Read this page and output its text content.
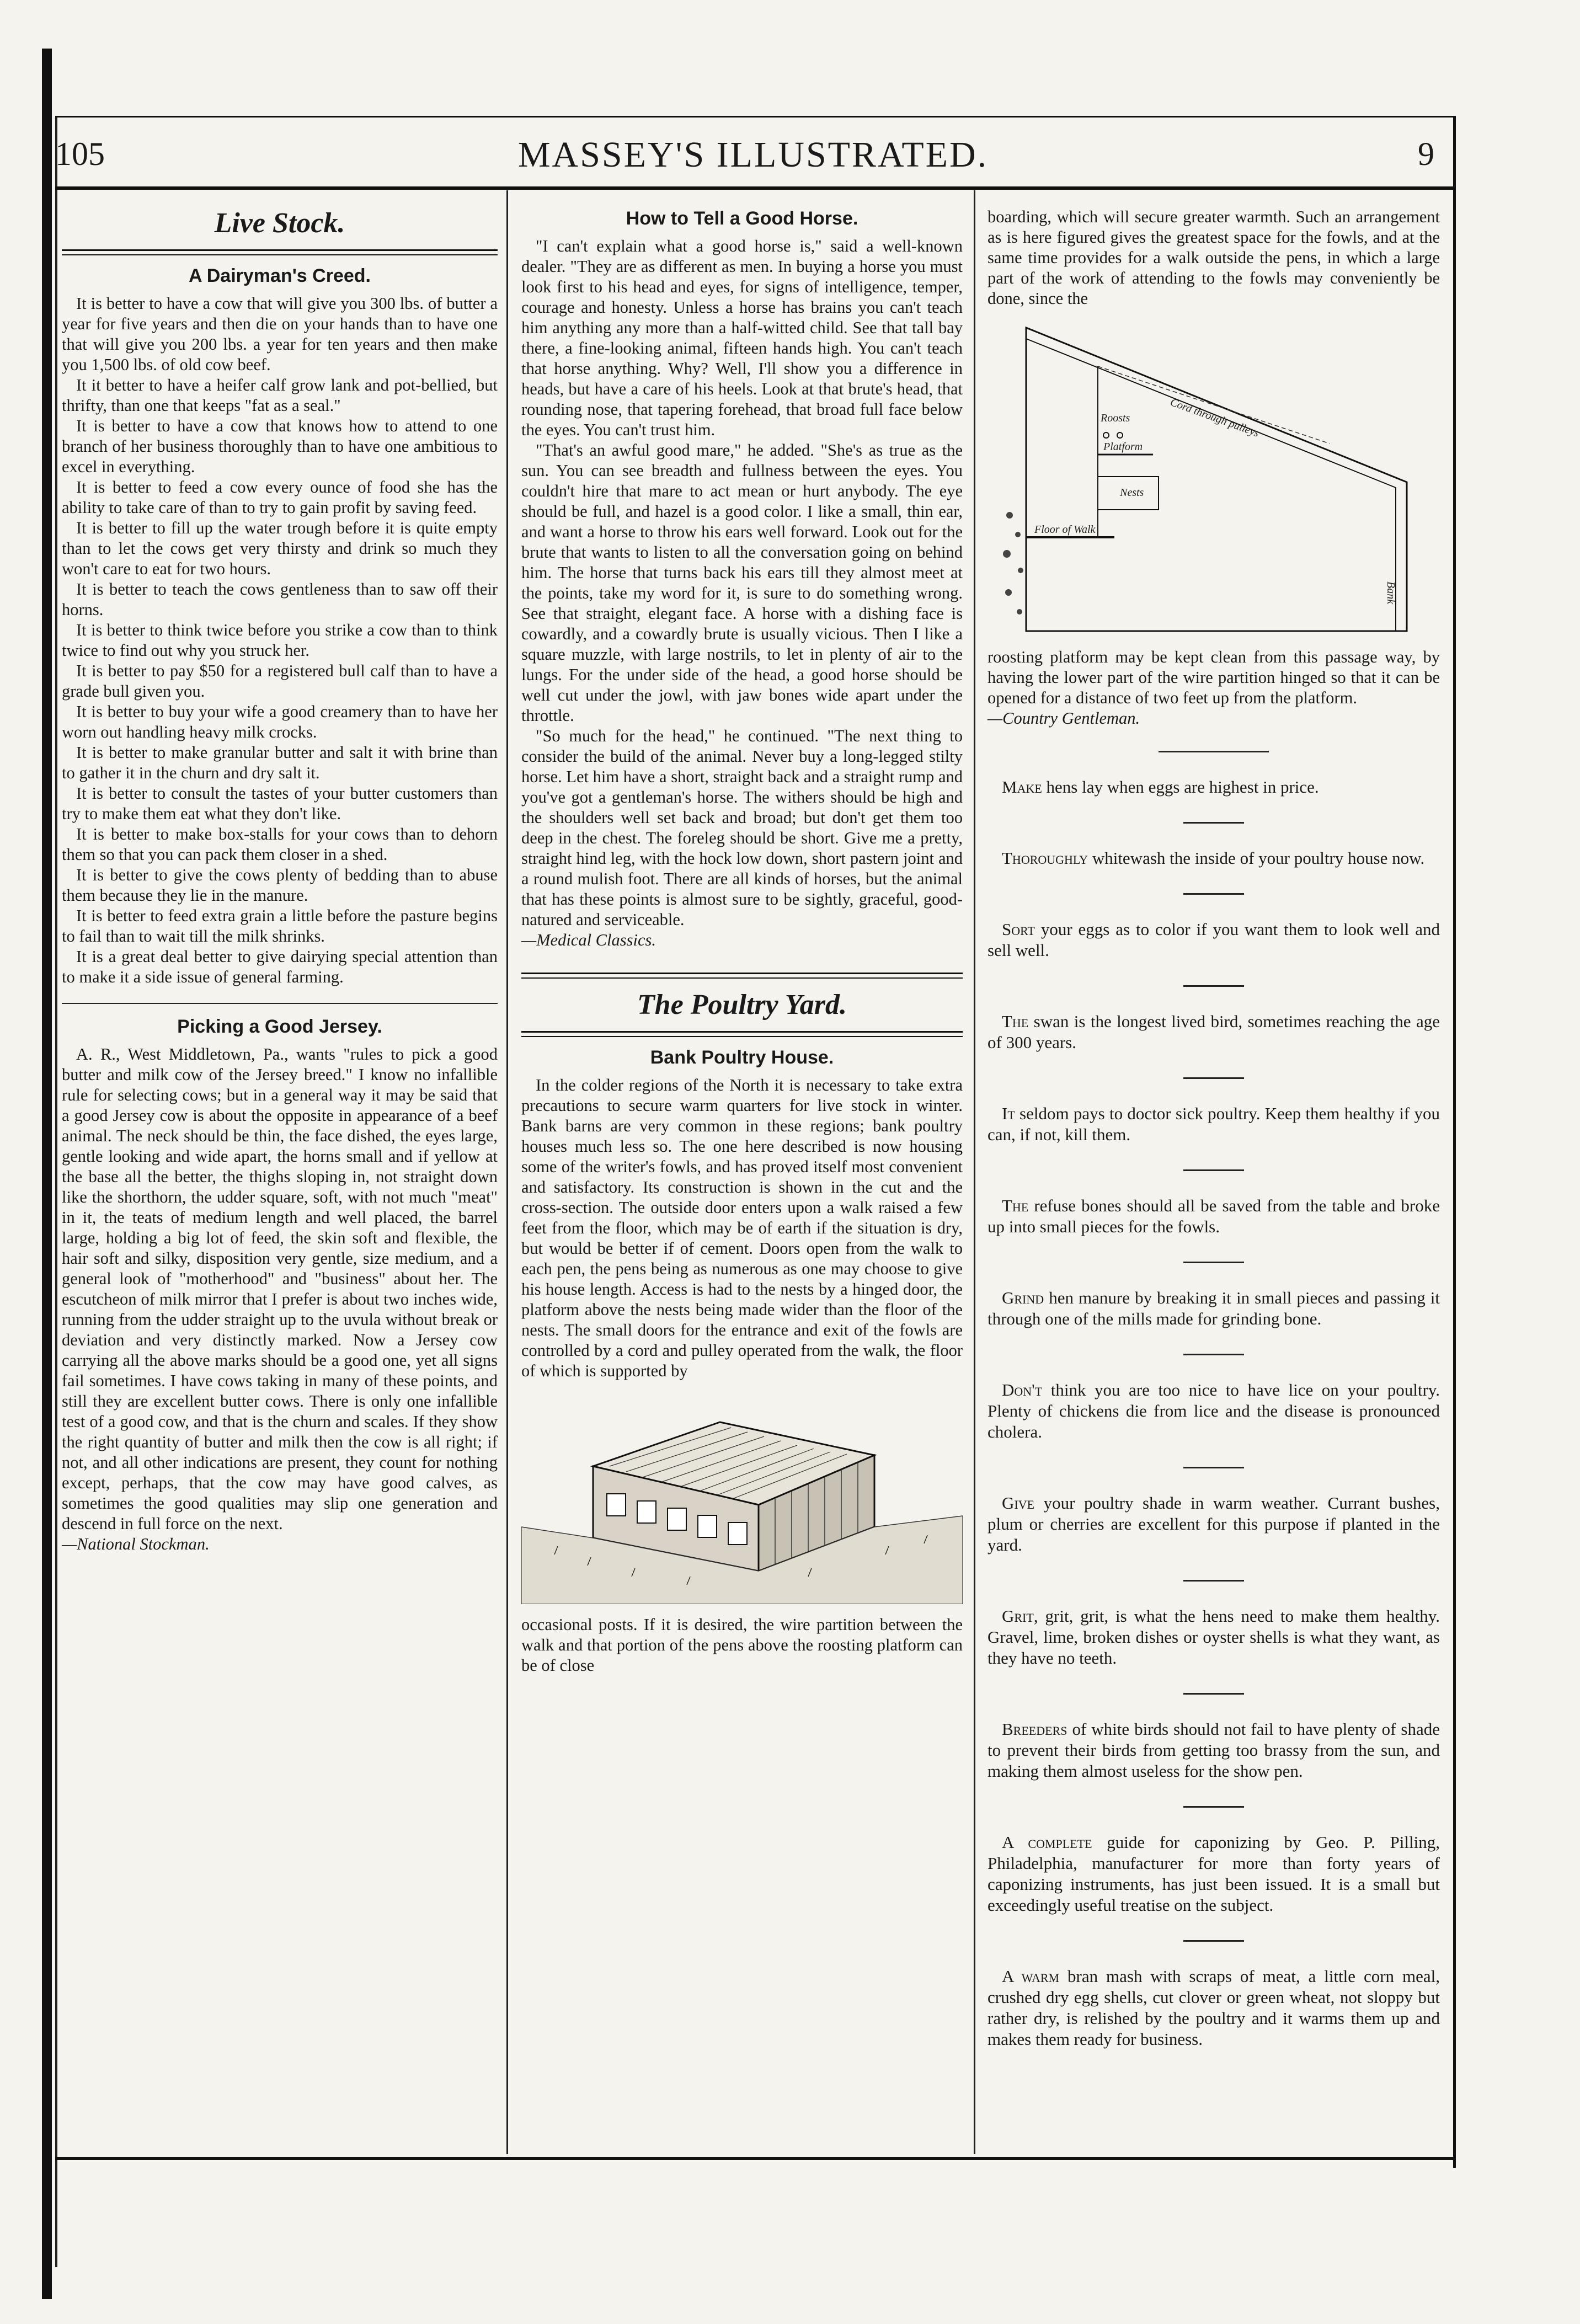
105	MASSEY'S ILLUSTRATED.	9
Live Stock.
A Dairyman's Creed.

It is better to have a cow that will give you 300 lbs. of butter a year for five years and then die on your hands than to have one that will give you 200 lbs. a year for ten years and then make you 1,500 lbs. of old cow beef.

It it better to have a heifer calf grow lank and pot-bellied, but thrifty, than one that keeps "fat as a seal."

It is better to have a cow that knows how to attend to one branch of her business thoroughly than to have one ambitious to excel in everything.

It is better to feed a cow every ounce of food she has the ability to take care of than to try to gain profit by saving feed.

It is better to fill up the water trough before it is quite empty than to let the cows get very thirsty and drink so much they won't care to eat for two hours.

It is better to teach the cows gentleness than to saw off their horns.

It is better to think twice before you strike a cow than to think twice to find out why you struck her.

It is better to pay $50 for a registered bull calf than to have a grade bull given you.

It is better to buy your wife a good creamery than to have her worn out handling heavy milk crocks.

It is better to make granular butter and salt it with brine than to gather it in the churn and dry salt it.

It is better to consult the tastes of your butter customers than try to make them eat what they don't like.

It is better to make box-stalls for your cows than to dehorn them so that you can pack them closer in a shed.

It is better to give the cows plenty of bedding than to abuse them because they lie in the manure.

It is better to feed extra grain a little before the pasture begins to fail than to wait till the milk shrinks.

It is a great deal better to give dairying special attention than to make it a side issue of general farming.

Picking a Good Jersey.

A. R., West Middletown, Pa., wants "rules to pick a good butter and milk cow of the Jersey breed." I know no infallible rule for selecting cows; but in a general way it may be said that a good Jersey cow is about the opposite in appearance of a beef animal. The neck should be thin, the face dished, the eyes large, gentle looking and wide apart, the horns small and if yellow at the base all the better, the thighs sloping in, not straight down like the shorthorn, the udder square, soft, with not much "meat" in it, the teats of medium length and well placed, the barrel large, holding a big lot of feed, the skin soft and flexible, the hair soft and silky, disposition very gentle, size medium, and a general look of "motherhood" and "business" about her. The escutcheon of milk mirror that I prefer is about two inches wide, running from the udder straight up to the uvula without break or deviation and very distinctly marked. Now a Jersey cow carrying all the above marks should be a good one, yet all signs fail sometimes. I have cows taking in many of these points, and still they are excellent butter cows. There is only one infallible test of a good cow, and that is the churn and scales. If they show the right quantity of butter and milk then the cow is all right; if not, and all other indications are present, they count for nothing except, perhaps, that the cow may have good calves, as sometimes the good qualities may slip one generation and descend in full force on the next.

—National Stockman.

How to Tell a Good Horse.

"I can't explain what a good horse is," said a well-known dealer. "They are as different as men. In buying a horse you must look first to his head and eyes, for signs of intelligence, temper, courage and honesty. Unless a horse has brains you can't teach him anything any more than a half-witted child. See that tall bay there, a fine-looking animal, fifteen hands high. You can't teach that horse anything. Why? Well, I'll show you a difference in heads, but have a care of his heels. Look at that brute's head, that rounding nose, that tapering forehead, that broad full face below the eyes. You can't trust him.

"That's an awful good mare," he added. "She's as true as the sun. You can see breadth and fullness between the eyes. You couldn't hire that mare to act mean or hurt anybody. The eye should be full, and hazel is a good color. I like a small, thin ear, and want a horse to throw his ears well forward. Look out for the brute that wants to listen to all the conversation going on behind him. The horse that turns back his ears till they almost meet at the points, take my word for it, is sure to do something wrong. See that straight, elegant face. A horse with a dishing face is cowardly, and a cowardly brute is usually vicious. Then I like a square muzzle, with large nostrils, to let in plenty of air to the lungs. For the under side of the head, a good horse should be well cut under the jowl, with jaw bones wide apart under the throttle.

"So much for the head," he continued. "The next thing to consider the build of the animal. Never buy a long-legged stilty horse. Let him have a short, straight back and a straight rump and you've got a gentleman's horse. The withers should be high and the shoulders well set back and broad; but don't get them too deep in the chest. The foreleg should be short. Give me a pretty, straight hind leg, with the hock low down, short pastern joint and a round mulish foot. There are all kinds of horses, but the animal that has these points is almost sure to be sightly, graceful, good-natured and serviceable.

—Medical Classics.

The Poultry Yard.
Bank Poultry House.

In the colder regions of the North it is necessary to take extra precautions to secure warm quarters for live stock in winter. Bank barns are very common in these regions; bank poultry houses much less so. The one here described is now housing some of the writer's fowls, and has proved itself most convenient and satisfactory. Its construction is shown in the cut and the cross-section. The outside door enters upon a walk raised a few feet from the floor, which may be of earth if the situation is dry, but would be better if of cement. Doors open from the walk to each pen, the pens being as numerous as one may choose to give his house length. Access is had to the nests by a hinged door, the platform above the nests being made wider than the floor of the nests. The small doors for the entrance and exit of the fowls are controlled by a cord and pulley operated from the walk, the floor of which is supported by

occasional posts. If it is desired, the wire partition between the walk and that portion of the pens above the roosting platform can be of close

boarding, which will secure greater warmth. Such an arrangement as is here figured gives the greatest space for the fowls, and at the same time provides for a walk outside the pens, in which a large part of the work of attending to the fowls may conveniently be done, since the

Cord through pulleys
Roosts
Platform
Nests
Floor of Walk
Bank

roosting platform may be kept clean from this passage way, by having the lower part of the wire partition hinged so that it can be opened for a distance of two feet up from the platform.

—Country Gentleman.

Make hens lay when eggs are highest in price.

Thoroughly whitewash the inside of your poultry house now.

Sort your eggs as to color if you want them to look well and sell well.

The swan is the longest lived bird, sometimes reaching the age of 300 years.

It seldom pays to doctor sick poultry. Keep them healthy if you can, if not, kill them.

The refuse bones should all be saved from the table and broke up into small pieces for the fowls.

Grind hen manure by breaking it in small pieces and passing it through one of the mills made for grinding bone.

Don't think you are too nice to have lice on your poultry. Plenty of chickens die from lice and the disease is pronounced cholera.

Give your poultry shade in warm weather. Currant bushes, plum or cherries are excellent for this purpose if planted in the yard.

Grit, grit, grit, is what the hens need to make them healthy. Gravel, lime, broken dishes or oyster shells is what they want, as they have no teeth.

Breeders of white birds should not fail to have plenty of shade to prevent their birds from getting too brassy from the sun, and making them almost useless for the show pen.

A complete guide for caponizing by Geo. P. Pilling, Philadelphia, manufacturer for more than forty years of caponizing instruments, has just been issued. It is a small but exceedingly useful treatise on the subject.

A warm bran mash with scraps of meat, a little corn meal, crushed dry egg shells, cut clover or green wheat, not sloppy but rather dry, is relished by the poultry and it warms them up and makes them ready for business.
